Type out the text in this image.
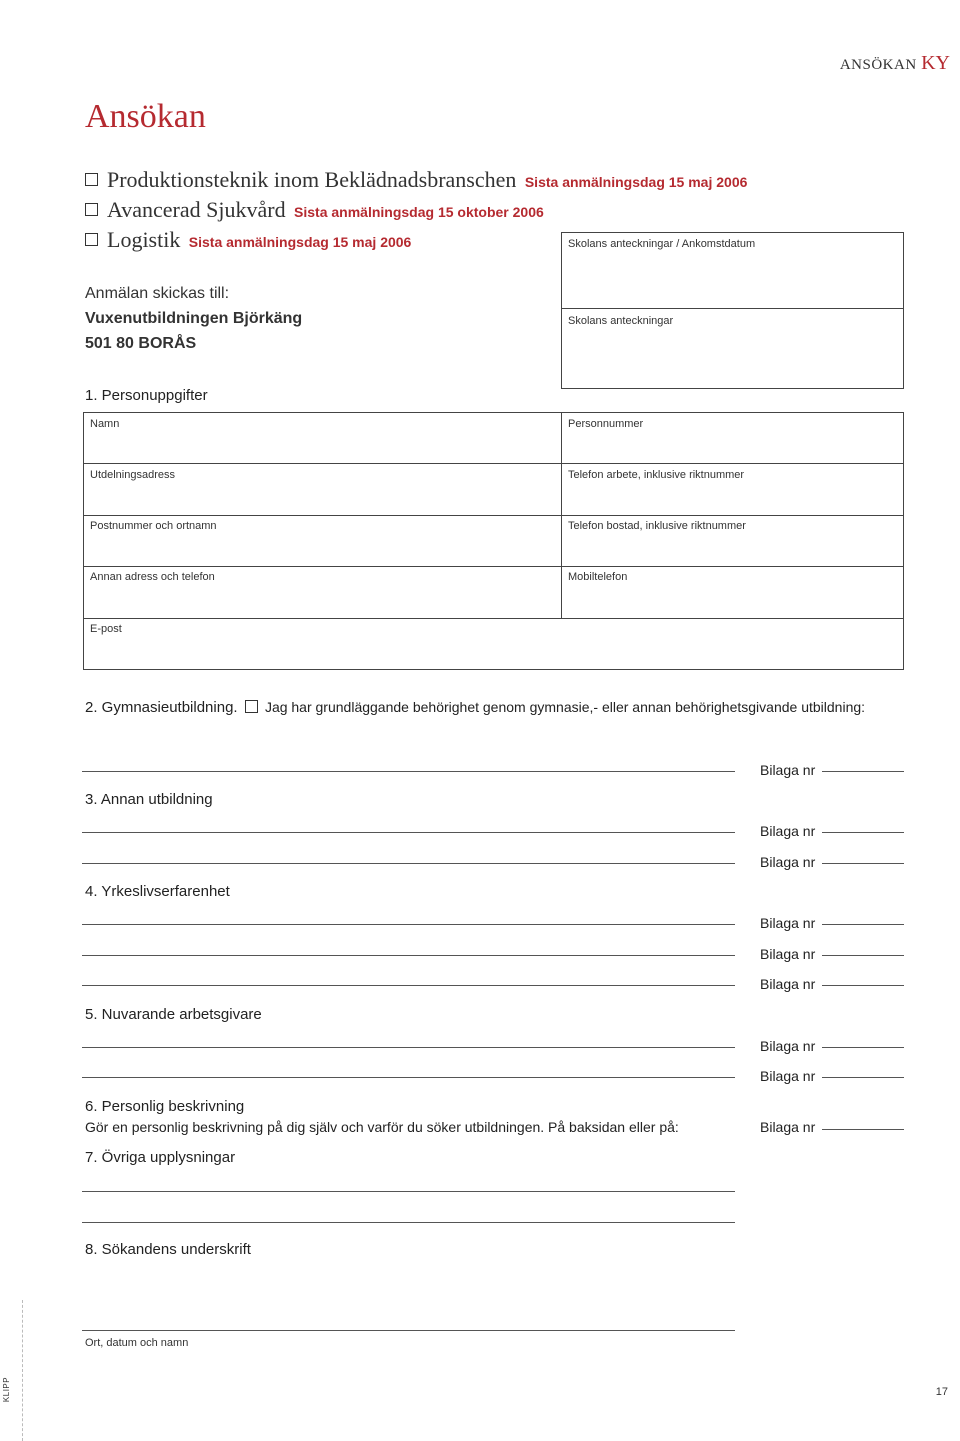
ANSÖKAN KY
Ansökan
Produktionsteknik inom Beklädnadsbranschen Sista anmälningsdag 15 maj 2006
Avancerad Sjukvård Sista anmälningsdag 15 oktober 2006
Logistik Sista anmälningsdag 15 maj 2006	Skolans anteckningar / Ankomstdatum
Skolans anteckningar
Anmälan skickas till:
Vuxenutbildningen Björkäng
501 80 BORÅS
1. Personuppgifter
Namn	Personnummer
Utdelningsadress	Telefon arbete, inklusive riktnummer
Postnummer och ortnamn	Telefon bostad, inklusive riktnummer
Annan adress och telefon	Mobiltelefon
E-post
2. Gymnasieutbildning. Jag har grundläggande behörighet genom gymnasie,- eller annan behörighetsgivande utbildning:
Bilaga nr
3. Annan utbildning
Bilaga nr
Bilaga nr
4. Yrkeslivserfarenhet
Bilaga nr
Bilaga nr
Bilaga nr
5. Nuvarande arbetsgivare
Bilaga nr
Bilaga nr
6. Personlig beskrivning
Gör en personlig beskrivning på dig själv och varför du söker utbildningen. På baksidan eller på:	Bilaga nr
7. Övriga upplysningar
8. Sökandens underskrift
Ort, datum och namn
KLIPP	17
